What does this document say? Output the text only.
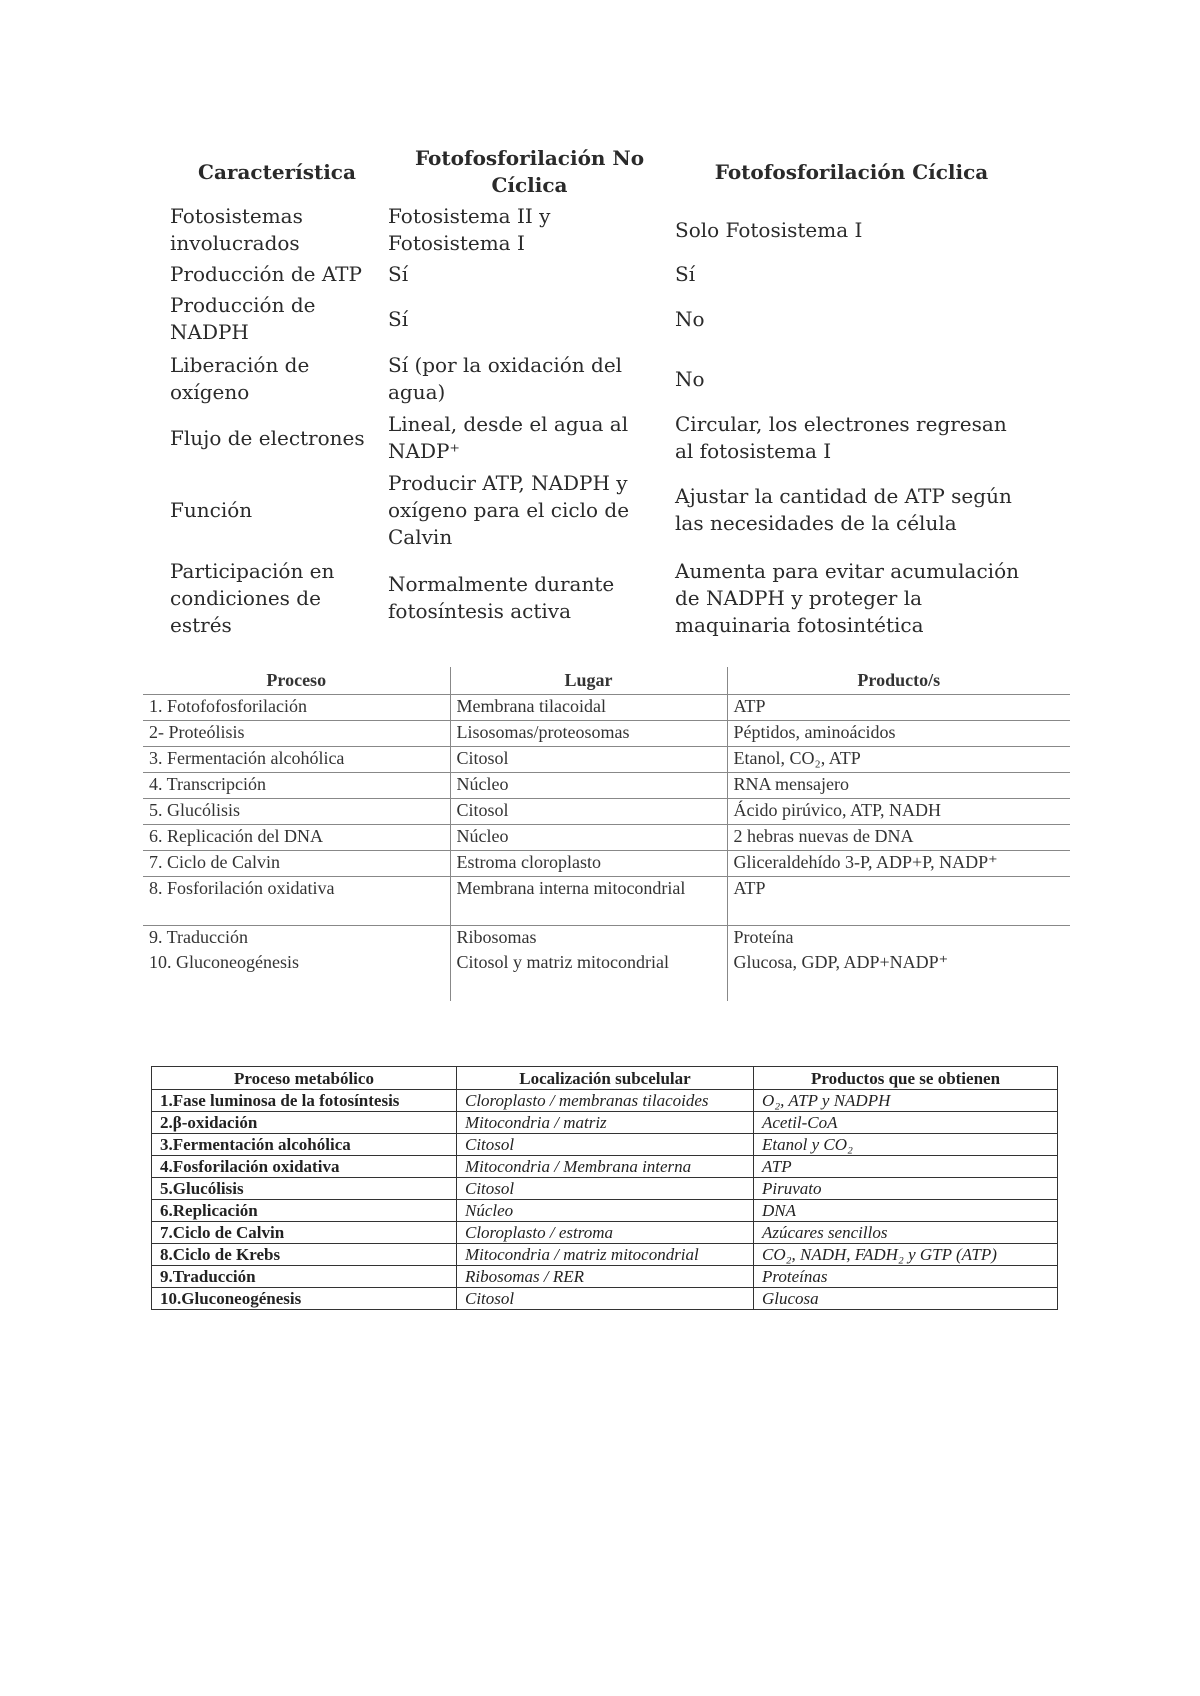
Característica	Fotofosforilación No Cíclica	Fotofosforilación Cíclica
Fotosistemas involucrados	Fotosistema II y Fotosistema I	Solo Fotosistema I
Producción de ATP	Sí	Sí
Producción de NADPH	Sí	No
Liberación de oxígeno	Sí (por la oxidación del agua)	No
Flujo de electrones	Lineal, desde el agua al NADP⁺	Circular, los electrones regresan al fotosistema I
Función	Producir ATP, NADPH y oxígeno para el ciclo de Calvin	Ajustar la cantidad de ATP según las necesidades de la célula
Participación en condiciones de estrés	Normalmente durante fotosíntesis activa	Aumenta para evitar acumulación de NADPH y proteger la maquinaria fotosintética
Proceso	Lugar	Producto/s
1. Fotofofosforilación	Membrana tilacoidal	ATP
2- Proteólisis	Lisosomas/proteosomas	Péptidos, aminoácidos
3. Fermentación alcohólica	Citosol	Etanol, CO₂, ATP
4. Transcripción	Núcleo	RNA mensajero
5. Glucólisis	Citosol	Ácido pirúvico, ATP, NADH
6. Replicación del DNA	Núcleo	2 hebras nuevas de DNA
7. Ciclo de Calvin	Estroma cloroplasto	Gliceraldehído 3-P, ADP+P, NADP⁺
8. Fosforilación oxidativa	Membrana interna mitocondrial	ATP
9. Traducción	Ribosomas	Proteína
10. Gluconeogénesis	Citosol y matriz mitocondrial	Glucosa, GDP, ADP+NADP⁺
Proceso metabólico	Localización subcelular	Productos que se obtienen
1.Fase luminosa de la fotosíntesis	Cloroplasto / membranas tilacoides	O₂, ATP y NADPH
2.β-oxidación	Mitocondria / matriz	Acetil-CoA
3.Fermentación alcohólica	Citosol	Etanol y CO₂
4.Fosforilación oxidativa	Mitocondria / Membrana interna	ATP
5.Glucólisis	Citosol	Piruvato
6.Replicación	Núcleo	DNA
7.Ciclo de Calvin	Cloroplasto / estroma	Azúcares sencillos
8.Ciclo de Krebs	Mitocondria / matriz mitocondrial	CO₂, NADH, FADH₂ y GTP (ATP)
9.Traducción	Ribosomas / RER	Proteínas
10.Gluconeogénesis	Citosol	Glucosa
